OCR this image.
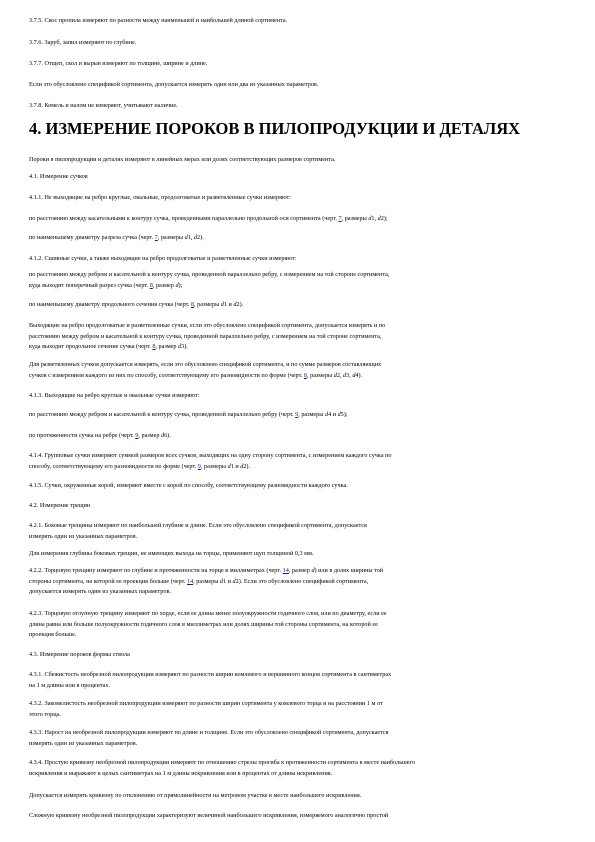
4. ИЗМЕРЕНИЕ ПОРОКОВ В ПИЛОПРОДУКЦИИ И ДЕТАЛЯХ

3.7.5. Скос пропила измеряют по разности между наименьшей и наибольшей длиной сортимента.

3.7.6. Заруб, запил измеряют по глубине.

3.7.7. Отщеп, скол и вырыв измеряют по толщине, ширине и длине.

Если это обусловлено спецификой сортимента, допускается измерять один или два из указанных параметров.

3.7.8. Комель и налом не измеряют, учитывают наличие.

Пороки в пилопродукции и деталях измеряют в линейных мерах или долях соответствующих размеров сортимента.

4.1. Измерение сучков

4.1.1. Не выходящие на ребро круглые, овальные, продолговатые и разветвленные сучки измеряют:

по расстоянию между касательными к контуру сучка, проведенными параллельно продольной оси сортимента (черт. 7, размеры d1, d2);

по наименьшему диаметру разреза сучка (черт. 7, размеры d1, d2).

4.1.2. Сшивные сучки, а также выходящие на ребро продолговатые и разветвленные сучки измеряют:

по расстоянию между ребром и касательной к контуру сучка, проведенной параллельно ребру, с измерением на той стороне сортимента,
куда выходит поперечный разрез сучка (черт. 8, размер d);

по наименьшему диаметру продольного сечения сучка (черт. 8, размеры d1 и d2).

Выходящие на ребро продолговатые и разветвленные сучки, если это обусловлено спецификой сортимента, допускается измерять и по
расстоянию между ребром и касательной к контуру сучка, проведенной параллельно ребру, с измерением на той стороне сортимента,
куда выходит продольное сечение сучка (черт. 8, размер d3).

Для разветвленных сучков допускается измерять, если это обусловлено спецификой сортимента, и по сумме размеров составляющих
сучков с измерением каждого из них по способу, соответствующему его разновидности по форме (черт. 8, размеры d2, d3, d4).

4.1.3. Выходящие на ребро круглые и овальные сучки измеряют:

по расстоянию между ребром и касательной к контуру сучка, проведенной параллельно ребру (черт. 9, размеры d4 и d5);

по протяженности сучка на ребре (черт. 9, размер d6).

4.1.4. Групповые сучки измеряют суммой размеров всех сучков, выходящих на одну сторону сортимента, с измерением каждого сучка по
способу, соответствующему его разновидности по форме (черт. 9, размеры d1 и d2).

4.1.5. Сучки, окруженные корой, измеряют вместе с корой по способу, соответствующему разновидности каждого сучка.

4.2. Измерение трещин

4.2.1. Боковые трещины измеряют по наибольшей глубине и длине. Если это обусловлено спецификой сортимента, допускается
измерять один из указанных параметров.

Для измерения глубины боковых трещин, не имеющих выхода на торцы, применяют щуп толщиной 0,3 мм.

4.2.2. Торцовую трещину измеряют по глубине и протяженности на торце в миллиметрах (черт. 14, размер d) или в долях ширины той
стороны сортимента, на которой ее проекция больше (черт. 14, размеры d1 и d2). Если это обусловлено спецификой сортимента,
допускается измерять один из указанных параметров.

4.2.3. Торцовую отлупную трещину измеряют по хорде, если ее длина менее полуокружности годичного слоя, или по диаметру, если ее
длина равна или больше полуокружности годичного слоя в миллиметрах или долях ширины той стороны сортимента, на которой ее
проекция больше.

4.3. Измерение пороков формы ствола

4.3.1. Сбежистость необрезной пилопродукции измеряют по разности ширин комлевого и вершинного концов сортимента в сантиметрах
на 1 м длины или в процентах.

4.3.2. Закомелистость необрезной пилопродукции измеряют по разности ширин сортимента у комлевого торца и на расстоянии 1 м от
этого торца.

4.3.3. Нарост на необрезной пилопродукции измеряют по длине и толщине. Если это обусловлено спецификой сортимента, допускается
измерять один из указанных параметров.

4.3.4. Простую кривизну необрезной пилопродукции измеряют по отношению стрелы прогиба к протяженности сортимента в месте наибольшего
искривления и выражают в целых сантиметрах на 1 м длины искривления или в процентах от длины искривления.

Допускается измерять кривизну по отклонению от прямолинейности на метровом участке в месте наибольшего искривления.

Сложную кривизну необрезной пилопродукции характеризуют величиной наибольшего искривления, измеряемого аналогично простой
